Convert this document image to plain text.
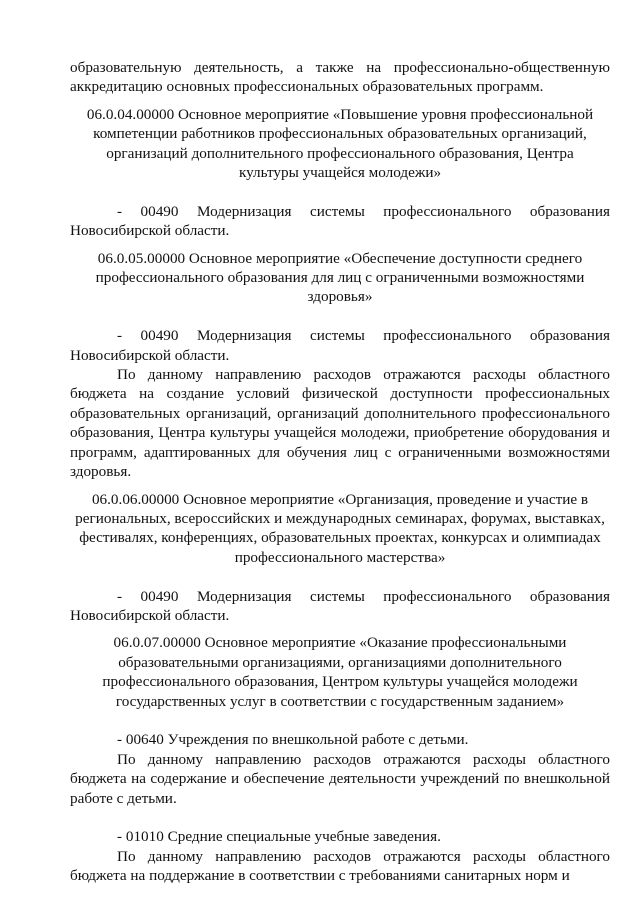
образовательную деятельность, а также на профессионально-общественную аккредитацию основных профессиональных образовательных программ.

06.0.04.00000 Основное мероприятие «Повышение уровня профессиональной компетенции работников профессиональных образовательных организаций, организаций дополнительного профессионального образования, Центра культуры учащейся молодежи»

- 00490 Модернизация системы профессионального образования Новосибирской области.

06.0.05.00000 Основное мероприятие «Обеспечение доступности среднего профессионального образования для лиц с ограниченными возможностями здоровья»

- 00490 Модернизация системы профессионального образования Новосибирской области.

По данному направлению расходов отражаются расходы областного бюджета на создание условий физической доступности профессиональных образовательных организаций, организаций дополнительного профессионального образования, Центра культуры учащейся молодежи, приобретение оборудования и программ, адаптированных для обучения лиц с ограниченными возможностями здоровья.

06.0.06.00000 Основное мероприятие «Организация, проведение и участие в региональных, всероссийских и международных семинарах, форумах, выставках, фестивалях, конференциях, образовательных проектах, конкурсах и олимпиадах профессионального мастерства»

- 00490 Модернизация системы профессионального образования Новосибирской области.

06.0.07.00000 Основное мероприятие «Оказание профессиональными образовательными организациями, организациями дополнительного профессионального образования, Центром культуры учащейся молодежи государственных услуг в соответствии с государственным заданием»

- 00640 Учреждения по внешкольной работе с детьми.

По данному направлению расходов отражаются расходы областного бюджета на содержание и обеспечение деятельности учреждений по внешкольной работе с детьми.

- 01010 Средние специальные учебные заведения.

По данному направлению расходов отражаются расходы областного бюджета на поддержание в соответствии с требованиями санитарных норм и
